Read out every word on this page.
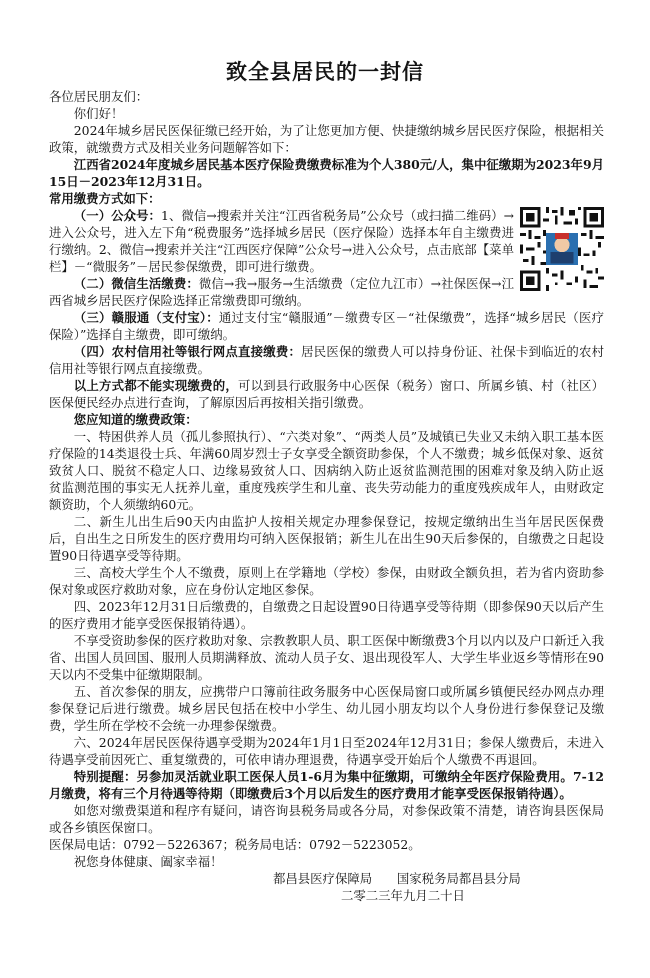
致全县居民的一封信

各位居民朋友们：

你们好！

2024年城乡居民医保征缴已经开始，为了让您更加方便、快捷缴纳城乡居民医疗保险，根据相关政策，就缴费方式及相关业务问题解答如下：

江西省2024年度城乡居民基本医疗保险费缴费标准为个人380元/人，集中征缴期为2023年9月15日－2023年12月31日。

常用缴费方式如下：

（一）公众号：1、微信→搜索并关注“江西省税务局”公众号（或扫描二维码）→进入公众号，进入左下角“税费服务”选择城乡居民（医疗保险）选择本年自主缴费进行缴纳。2、微信→搜索并关注“江西医疗保障”公众号→进入公众号，点击底部【菜单栏】－“微服务”－居民参保缴费，即可进行缴费。

（二）微信生活缴费：微信→我→服务→生活缴费（定位九江市）→社保医保→江西省城乡居民医疗保险选择正常缴费即可缴纳。

（三）赣服通（支付宝）：通过支付宝“赣服通”－缴费专区－“社保缴费”，选择“城乡居民（医疗保险）”选择自主缴费，即可缴纳。

（四）农村信用社等银行网点直接缴费：居民医保的缴费人可以持身份证、社保卡到临近的农村信用社等银行网点直接缴费。

以上方式都不能实现缴费的，可以到县行政服务中心医保（税务）窗口、所属乡镇、村（社区）医保便民经办点进行查询，了解原因后再按相关指引缴费。

您应知道的缴费政策：

一、特困供养人员（孤儿参照执行）、“六类对象”、“两类人员”及城镇已失业又未纳入职工基本医疗保险的14类退役士兵、年满60周岁烈士子女享受全额资助参保，个人不缴费；城乡低保对象、返贫致贫人口、脱贫不稳定人口、边缘易致贫人口、因病纳入防止返贫监测范围的困难对象及纳入防止返贫监测范围的事实无人抚养儿童，重度残疾学生和儿童、丧失劳动能力的重度残疾成年人，由财政定额资助，个人须缴纳60元。

二、新生儿出生后90天内由监护人按相关规定办理参保登记，按规定缴纳出生当年居民医保费后，自出生之日所发生的医疗费用均可纳入医保报销；新生儿在出生90天后参保的，自缴费之日起设置90日待遇享受等待期。

三、高校大学生个人不缴费，原则上在学籍地（学校）参保，由财政全额负担，若为省内资助参保对象或医疗救助对象，应在身份认定地区参保。

四、2023年12月31日后缴费的，自缴费之日起设置90日待遇享受等待期（即参保90天以后产生的医疗费用才能享受医保报销待遇）。

不享受资助参保的医疗救助对象、宗教教职人员、职工医保中断缴费3个月以内以及户口新迁入我省、出国人员回国、服刑人员期满释放、流动人员子女、退出现役军人、大学生毕业返乡等情形在90天以内不受集中征缴期限制。

五、首次参保的朋友，应携带户口簿前往政务服务中心医保局窗口或所属乡镇便民经办网点办理参保登记后进行缴费。城乡居民包括在校中小学生、幼儿园小朋友均以个人身份进行参保登记及缴费，学生所在学校不会统一办理参保缴费。

六、2024年居民医保待遇享受期为2024年1月1日至2024年12月31日；参保人缴费后，未进入待遇享受前因死亡、重复缴费的，可依申请办理退费，待遇享受开始后个人缴费不再退回。

特别提醒：另参加灵活就业职工医保人员1-6月为集中征缴期，可缴纳全年医疗保险费用。7-12月缴费，将有三个月待遇等待期（即缴费后3个月以后发生的医疗费用才能享受医保报销待遇）。

如您对缴费渠道和程序有疑问，请咨询县税务局或各分局，对参保政策不清楚，请咨询县医保局或各乡镇医保窗口。

医保局电话：0792－5226367；税务局电话：0792－5223052。

祝您身体健康、阖家幸福！

都昌县医疗保障局　　国家税务局都昌县分局

二零二三年九月二十日
